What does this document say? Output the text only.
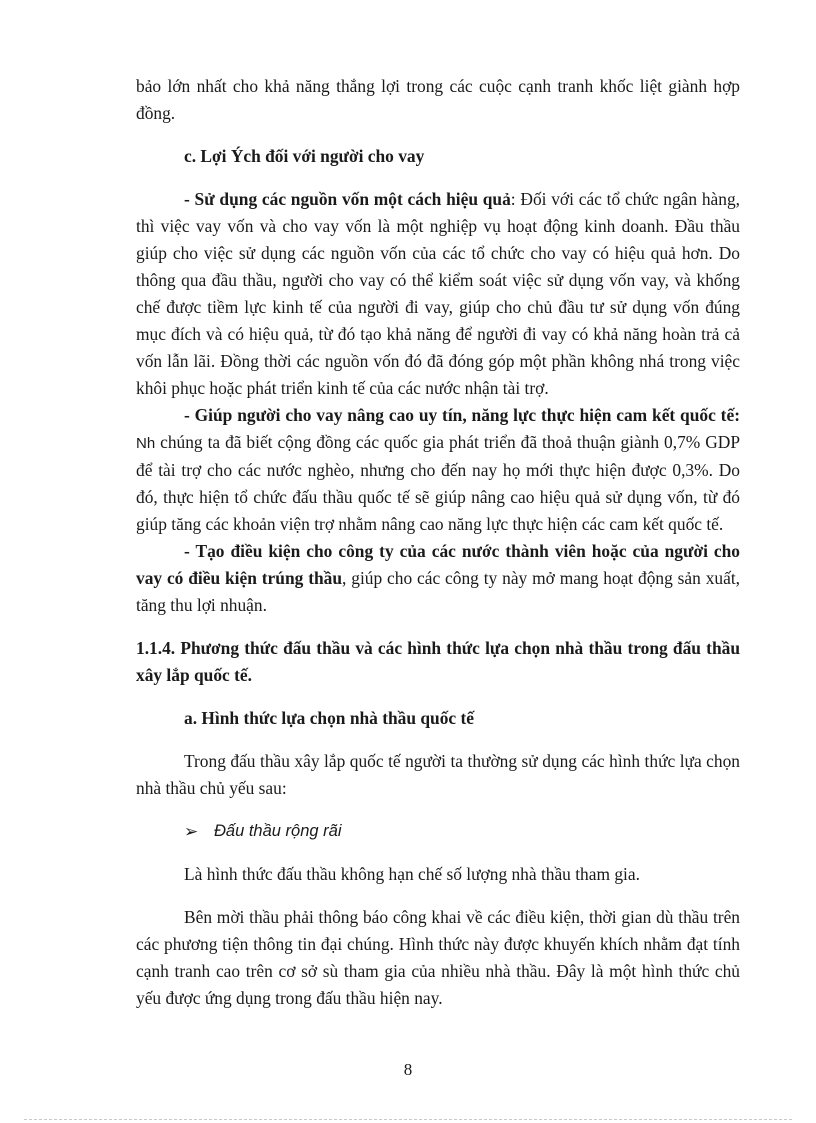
bảo lớn nhất cho khả năng thắng lợi trong các cuộc cạnh tranh khốc liệt giành hợp đồng.

c. Lợi Ých đối với người cho vay

- Sử dụng các nguồn vốn một cách hiệu quả: Đối với các tổ chức ngân hàng, thì việc vay vốn và cho vay vốn là một nghiệp vụ hoạt động kinh doanh. Đầu thầu giúp cho việc sử dụng các nguồn vốn của các tổ chức cho vay có hiệu quả hơn. Do thông qua đầu thầu, người cho vay có thể kiểm soát việc sử dụng vốn vay, và khống chế được tiềm lực kinh tế của người đi vay, giúp cho chủ đầu tư sử dụng vốn đúng mục đích và có hiệu quả, từ đó tạo khả năng để người đi vay có khả năng hoàn trả cả vốn lẫn lãi. Đồng thời các nguồn vốn đó đã đóng góp một phần không nhá trong việc khôi phục hoặc phát triển kinh tế của các nước nhận tài trợ.

- Giúp người cho vay nâng cao uy tín, năng lực thực hiện cam kết quốc tế: Nh chúng ta đã biết cộng đồng các quốc gia phát triển đã thoả thuận giành 0,7% GDP để tài trợ cho các nước nghèo, nhưng cho đến nay họ mới thực hiện được 0,3%. Do đó, thực hiện tổ chức đấu thầu quốc tế sẽ giúp nâng cao hiệu quả sử dụng vốn, từ đó giúp tăng các khoản viện trợ nhằm nâng cao năng lực thực hiện các cam kết quốc tế.

- Tạo điều kiện cho công ty của các nước thành viên hoặc của người cho vay có điều kiện trúng thầu, giúp cho các công ty này mở mang hoạt động sản xuất, tăng thu lợi nhuận.

1.1.4. Phương thức đấu thầu và các hình thức lựa chọn nhà thầu trong đấu thầu xây lắp quốc tế.

a. Hình thức lựa chọn nhà thầu quốc tế

Trong đấu thầu xây lắp quốc tế người ta thường sử dụng các hình thức lựa chọn nhà thầu chủ yếu sau:

➢ Đấu thầu rộng rãi

Là hình thức đấu thầu không hạn chế số lượng nhà thầu tham gia.

Bên mời thầu phải thông báo công khai về các điều kiện, thời gian dù thầu trên các phương tiện thông tin đại chúng. Hình thức này được khuyến khích nhằm đạt tính cạnh tranh cao trên cơ sở sù tham gia của nhiều nhà thầu. Đây là một hình thức chủ yếu được ứng dụng trong đấu thầu hiện nay.

8
